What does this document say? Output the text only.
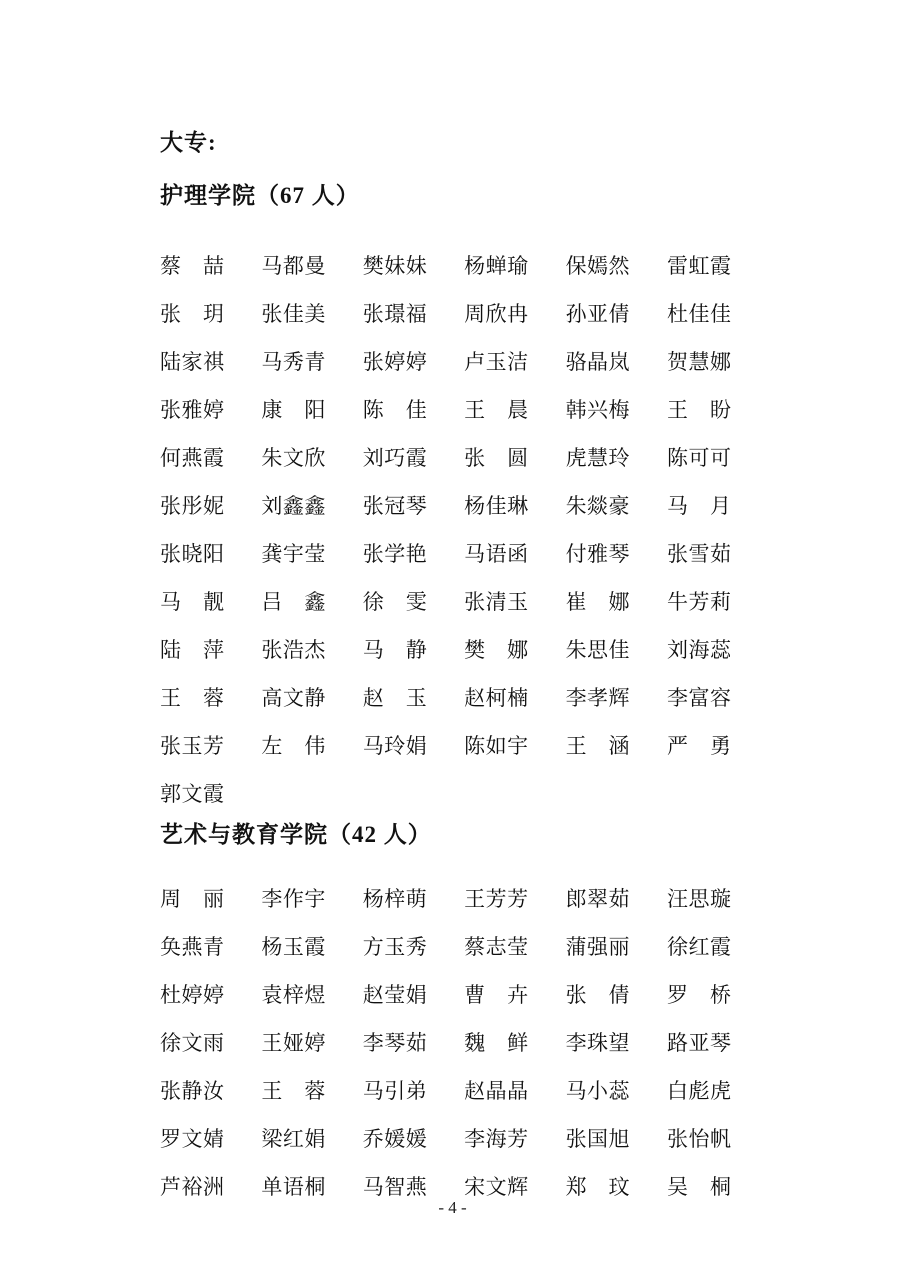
大专:
护理学院（67 人）
蔡　喆 马都曼 樊妹妹 杨蝉瑜 保嫣然 雷虹霞
张　玥 张佳美 张璟福 周欣冉 孙亚倩 杜佳佳
陆家祺 马秀青 张婷婷 卢玉洁 骆晶岚 贺慧娜
张雅婷 康　阳 陈　佳 王　晨 韩兴梅 王　盼
何燕霞 朱文欣 刘巧霞 张　圆 虎慧玲 陈可可
张彤妮 刘鑫鑫 张冠琴 杨佳琳 朱燚豪 马　月
张晓阳 龚宇莹 张学艳 马语函 付雅琴 张雪茹
马　靓 吕　鑫 徐　雯 张清玉 崔　娜 牛芳莉
陆　萍 张浩杰 马　静 樊　娜 朱思佳 刘海蕊
王　蓉 高文静 赵　玉 赵柯楠 李孝辉 李富容
张玉芳 左　伟 马玲娟 陈如宇 王　涵 严　勇
郭文霞
艺术与教育学院（42 人）
周　丽 李作宇 杨梓萌 王芳芳 郎翠茹 汪思璇
奂燕青 杨玉霞 方玉秀 蔡志莹 蒲强丽 徐红霞
杜婷婷 袁梓煜 赵莹娟 曹　卉 张　倩 罗　桥
徐文雨 王娅婷 李琴茹 魏　鲜 李珠望 路亚琴
张静汝 王　蓉 马引弟 赵晶晶 马小蕊 白彪虎
罗文婧 梁红娟 乔媛媛 李海芳 张国旭 张怡帆
芦裕洲 单语桐 马智燕 宋文辉 郑　玟 吴　桐
- 4 -
